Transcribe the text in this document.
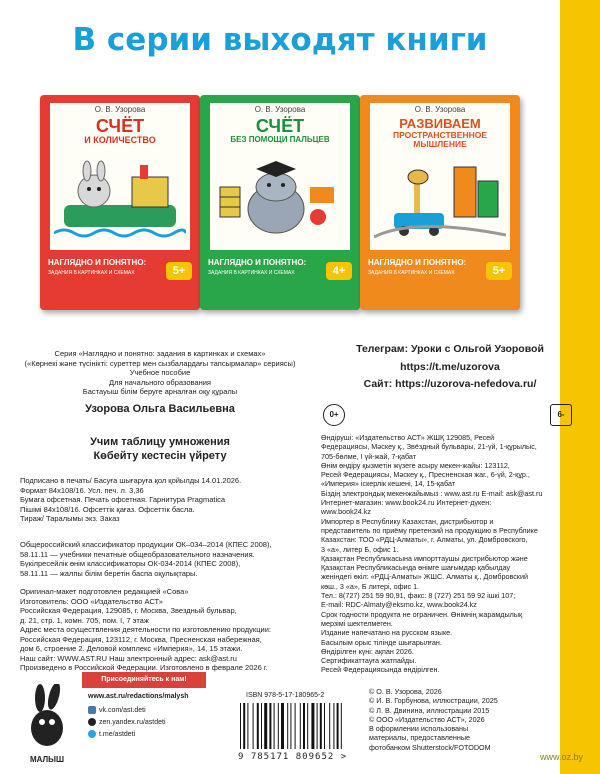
В серии выходят книги
О. В. Узорова
СЧЁТ
И КОЛИЧЕСТВО
НАГЛЯДНО И ПОНЯТНО:
ЗАДАНИЯ В КАРТИНКАХ И СХЕМАХ	5+
О. В. Узорова
СЧЁТ
БЕЗ ПОМОЩИ ПАЛЬЦЕВ
НАГЛЯДНО И ПОНЯТНО:
ЗАДАНИЯ В КАРТИНКАХ И СХЕМАХ	4+
О. В. Узорова
РАЗВИВАЕМ
ПРОСТРАНСТВЕННОЕ МЫШЛЕНИЕ
НАГЛЯДНО И ПОНЯТНО:
ЗАДАНИЯ В КАРТИНКАХ И СХЕМАХ	5+
Серия «Наглядно и понятно: задания в картинках и схемах»
(«Көрнекі және түсінікті: суреттер мен сызбалардағы тапсырмалар» сериясы)
Учебное пособие
Для начального образования
Бастауыш білім беруге арналған оқу құралы
Телеграм: Уроки с Ольгой Узоровой
https://t.me/uzorova
Сайт: https://uzorova-nefedova.ru/
Узорова Ольга Васильевна	0+	6-
Учим таблицу умножения
Көбейту кестесін үйрету
Подписано в печать/ Басуға шығаруға қол қойылды 14.01.2026.
Формат 84x108/16. Усл. печ. л. 3,36
Бумага офсетная. Печать офсетная. Гарнитура Pragmatica
Пішімі 84x108/16. Офсеттік қағаз. Офсеттік басла.
Тираж/ Таралымы экз. Заказ
Общероссийский классификатор продукции ОК–034–2014 (КПЕС 2008),
58.11.11 — учебники печатные общеобразовательного назначения.
Бүкілресейлік өнім классификаторы ОК-034-2014 (КПЕС 2008),
58.11.11 — жалпы білім беретін баспа оқулықтары.
Оригинал-макет подготовлен редакцией «Сова»
Изготовитель: ООО «Издательство АСТ»
Российская Федерация, 129085, г. Москва, Звездный бульвар,
д. 21, стр. 1, комн. 705, пом. I, 7 этаж
Адрес места осуществления деятельности по изготовлению продукции:
Российская Федерация, 123112, г. Москва, Пресненская набережная,
дом 6, строение 2. Деловой комплекс «Империя», 14, 15 этажи.
Наш сайт: WWW.AST.RU Наш электронный адрес: ask@ast.ru
Произведено в Российской Федерации. Изготовлено в феврале 2026 г.
Өндіруші: «Издательство АСТ» ЖШҚ 129085, Ресей
Федерациясы, Мәскеу қ., Звёздный бульвары, 21-үй, 1-құрылыс,
705-бөлме, I үй-жай, 7-қабат
Өнім өндіру қызметін жүзеге асыру мекен-жайы: 123112,
Ресей Федерациясы, Мәскеу қ., Пресненская жаг., 6-үй, 2-құр.,
«Империя» іскерлік кешені, 14, 15-қабат
Біздің электрондық мекенжайымыз : www.ast.ru E-mail: ask@ast.ru
Интернет-магазин: www.book24.ru Интернет-дүкен:
www.book24.kz
Импортер в Республику Казахстан, дистрибьютор и
представитель по приёму претензий на продукцию в Республике
Казахстан: ТОО «РДЦ-Алматы», г. Алматы, ул. Домбровского,
3 «а», литер Б, офис 1.
Қазақстан Республикасына импорттаушы дистрибьютор және
Қазақстан Республикасында өнімге шағымдар қабылдау
женіндегі өкіл: «РДЦ-Алматы» ЖШС. Алматы қ., Домбровский
көш., 3 «а», Б литері, офис 1.
Тел.: 8(727) 251 59 90,91, факс: 8 (727) 251 59 92 ішкі 107;
E-mail: RDC-Almaty@eksmo.kz, www.book24.kz
Срок годности продукта не ограничен. Өнімнің жарамдылық
мерзімі шектелмеген.
Издание напечатано на русском языке.
Басылым орыс тілінде шығарылған.
Өндірілген күні: ақпан 2026.
Сертификаттауға жатпайды.
Ресей Федерациясында өндірілген.
МАЛЫШ
Присоединяйтесь к нам!
www.ast.ru/redactions/malysh
vk.com/ast.deti
zen.yandex.ru/astdeti
t.me/astdeti
ISBN 978-5-17-180965-2
9 785171 809652 >
© О. В. Узорова, 2026
© И. В. Горбунова, иллюстрации, 2025
© Л. В. Двинина, иллюстрации 2015
© ООО «Издательство АСТ», 2026
В оформлении использованы
материалы, предоставленные
фотобанком Shutterstock/FOTODOM
www.oz.by
